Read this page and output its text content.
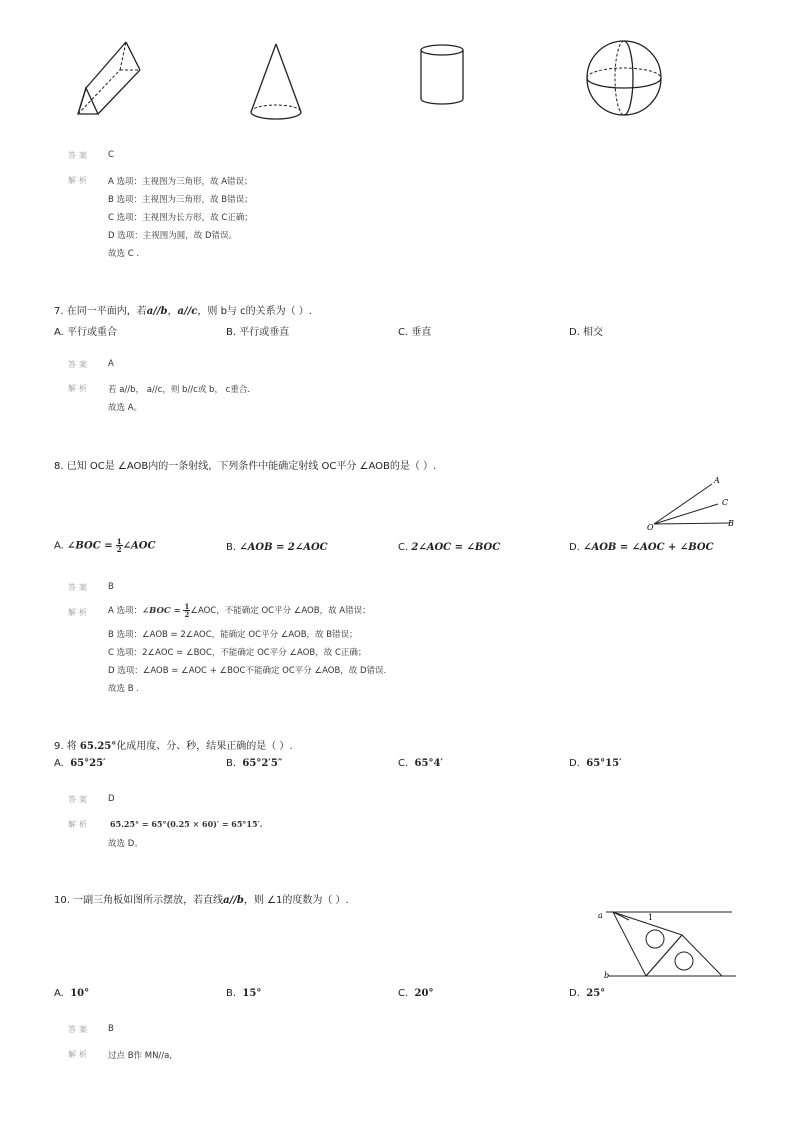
答案 C
解析 A 选项：主视图为三角形，故 A错误；
B 选项：主视图为三角形，故 B错误；
C 选项：主视图为长方形，故 C正确；
D 选项：主视图为圆，故 D错误。
故选 C .
7. 在同一平面内，若a//b，a//c，则 b与 c的关系为（ ）.
A. 平行或重合	B. 平行或垂直	C. 垂直	D. 相交
答案 A
解析 若 a//b， a//c，则 b//c或 b， c重合.
故选 A。
8. 已知 OC是 ∠AOB内的一条射线，下列条件中能确定射线 OC平分 ∠AOB的是（ ）.
A
C
B
O
A. ∠BOC = $\frac{1}{2}$ ∠AOC	B. ∠AOB = 2∠AOC	C. 2∠AOC = ∠BOC	D. ∠AOB = ∠AOC + ∠BOC
答案 B
解析 A 选项：∠BOC = $\frac{1}{2}$ ∠AOC，不能确定 OC平分 ∠AOB，故 A错误；
B 选项：∠AOB = 2∠AOC，能确定 OC平分 ∠AOB，故 B错误；
C 选项：2∠AOC = ∠BOC，不能确定 OC平分 ∠AOB，故 C正确；
D 选项：∠AOB = ∠AOC + ∠BOC不能确定 OC平分 ∠AOB，故 D错误.
故选 B .
9. 将 65.25°化成用度、分、秒，结果正确的是（ ）.
A. 65°25′	B. 65°2′5″	C. 65°4′	D. 65°15′
答案 D
解析	65.25° = 65°(0.25 × 60)′ = 65°15′.
故选 D。
10. 一副三角板如图所示摆放，若直线a//b，则 ∠1的度数为（ ）.
a
b
1
A. 10°	B. 15°	C. 20°	D. 25°
答案 B
解析 过点 B作 MN//a,
